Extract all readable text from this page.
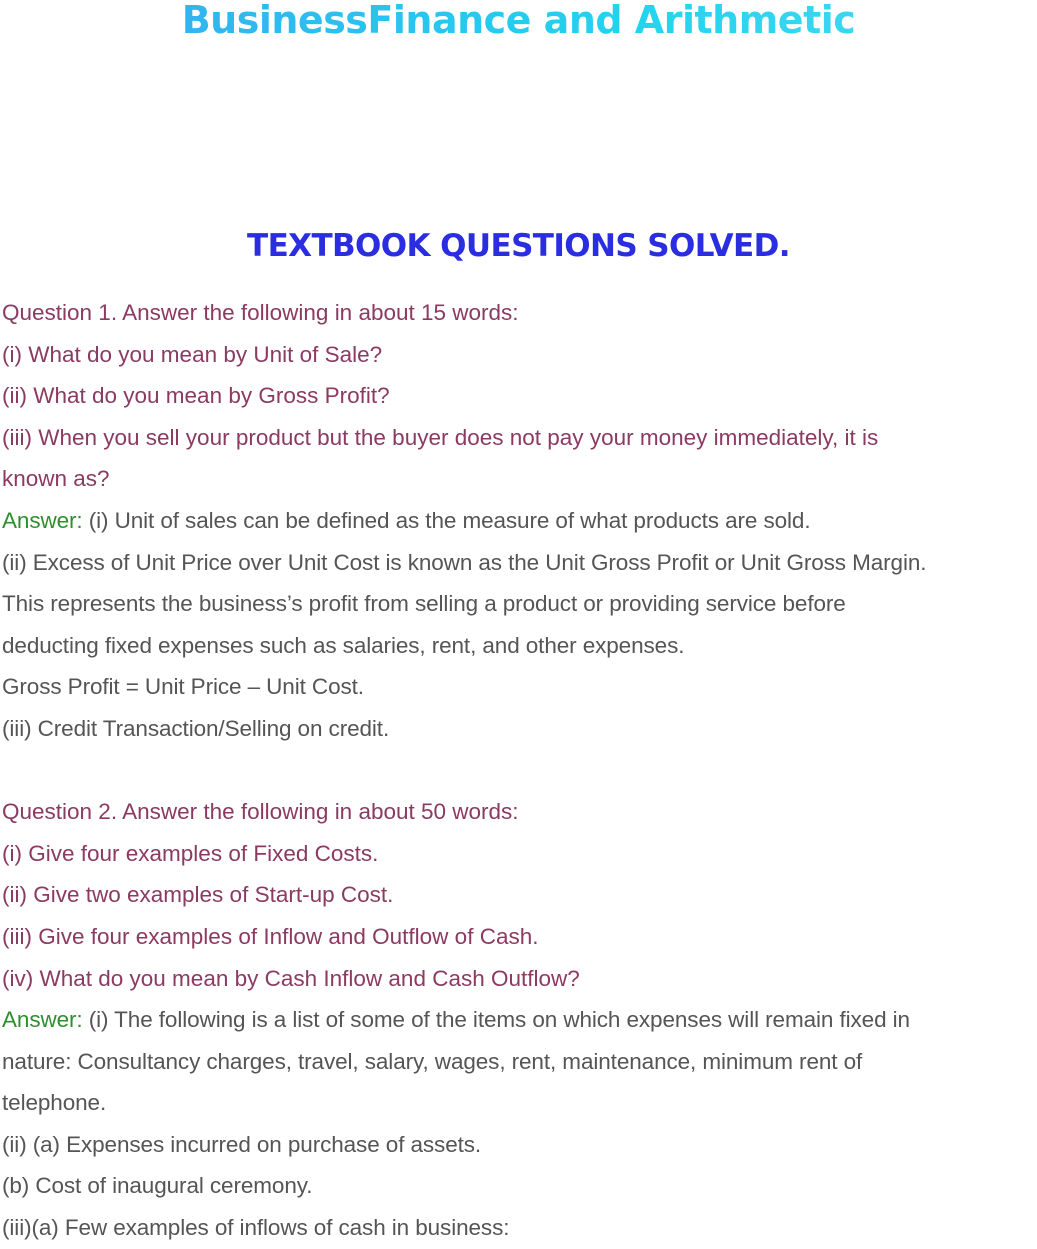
BusinessFinance and Arithmetic
TEXTBOOK QUESTIONS SOLVED.
Question 1. Answer the following in about 15 words:
(i) What do you mean by Unit of Sale?
(ii) What do you mean by Gross Profit?
(iii) When you sell your product but the buyer does not pay your money immediately, it is
known as?
Answer: (i) Unit of sales can be defined as the measure of what products are sold.
(ii) Excess of Unit Price over Unit Cost is known as the Unit Gross Profit or Unit Gross Margin.
This represents the business’s profit from selling a product or providing service before
deducting fixed expenses such as salaries, rent, and other expenses.
Gross Profit = Unit Price – Unit Cost.
(iii) Credit Transaction/Selling on credit.
Question 2. Answer the following in about 50 words:
(i) Give four examples of Fixed Costs.
(ii) Give two examples of Start-up Cost.
(iii) Give four examples of Inflow and Outflow of Cash.
(iv) What do you mean by Cash Inflow and Cash Outflow?
Answer: (i) The following is a list of some of the items on which expenses will remain fixed in
nature: Consultancy charges, travel, salary, wages, rent, maintenance, minimum rent of
telephone.
(ii) (a) Expenses incurred on purchase of assets.
(b) Cost of inaugural ceremony.
(iii)(a) Few examples of inflows of cash in business:
